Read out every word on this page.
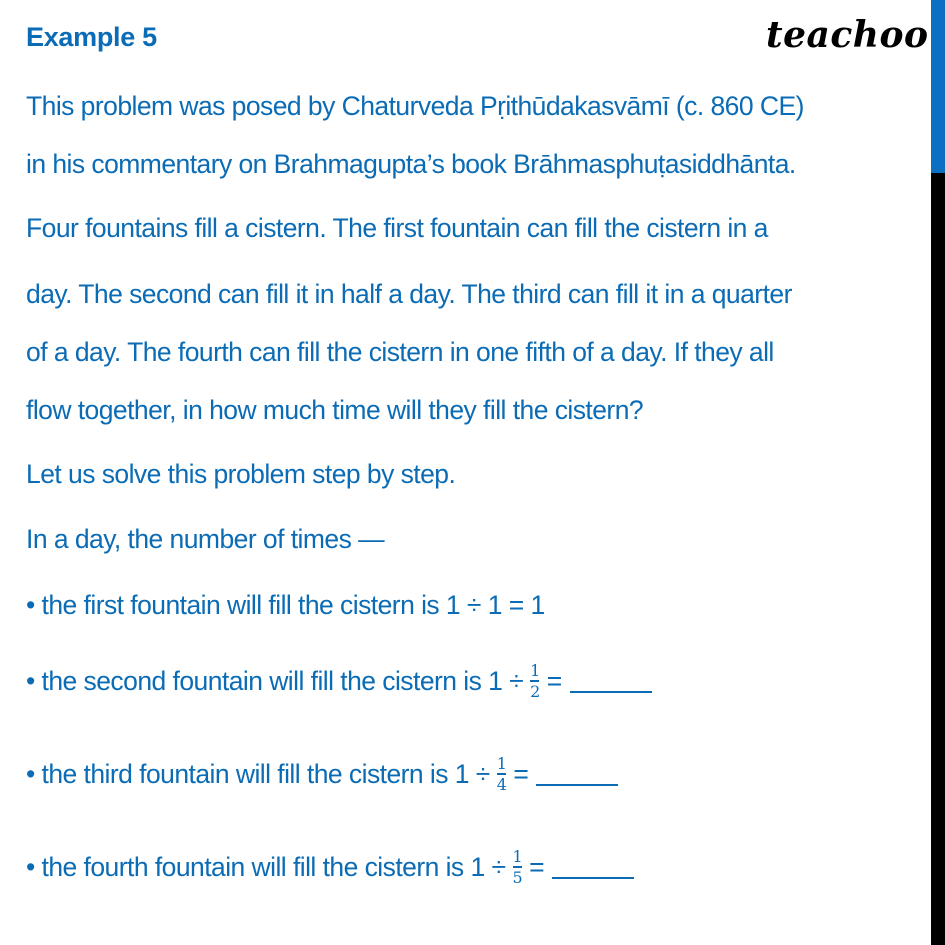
Example 5	teachoo
This problem was posed by Chaturveda Pṛithūdakasvāmī (c. 860 CE)
in his commentary on Brahmagupta’s book Brāhmasphuṭasiddhānta.
Four fountains fill a cistern. The first fountain can fill the cistern in a
day. The second can fill it in half a day. The third can fill it in a quarter
of a day. The fourth can fill the cistern in one fifth of a day. If they all
flow together, in how much time will they fill the cistern?
Let us solve this problem step by step.
In a day, the number of times —
• the first fountain will fill the cistern is 1 ÷ 1 = 1
• the second fountain will fill the cistern is $1 \div \frac{1}{2}$ =
• the third fountain will fill the cistern is $1 \div \frac{1}{4}$ =
• the fourth fountain will fill the cistern is $1 \div \frac{1}{5}$ =
